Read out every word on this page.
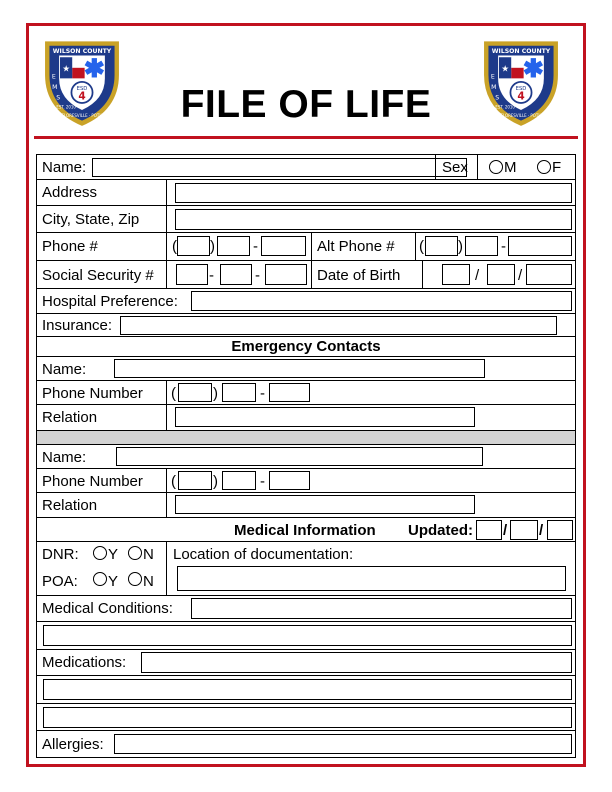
★
ESD
4
WILSON COUNTY
E
M
S
FLORESVILLE · POTH
EST. 2010
★
ESD
4
WILSON COUNTY
E
M
S
FLORESVILLE · POTH
EST. 2010
FILE OF LIFE
Name:	Sex M F
Address
City, State, Zip
Phone #	( )	-	Alt Phone # ( )	-
Social Security #	-	-	Date of Birth	/	/
Hospital Preference:
Insurance:
Emergency Contacts
Name:
Phone Number ( )	-
Relation
Name:
Phone Number ( )	-
Relation
Medical Information Updated: / /
DNR: Y N
POA: Y N
Location of documentation:
Medical Conditions:
Medications:
Allergies:
